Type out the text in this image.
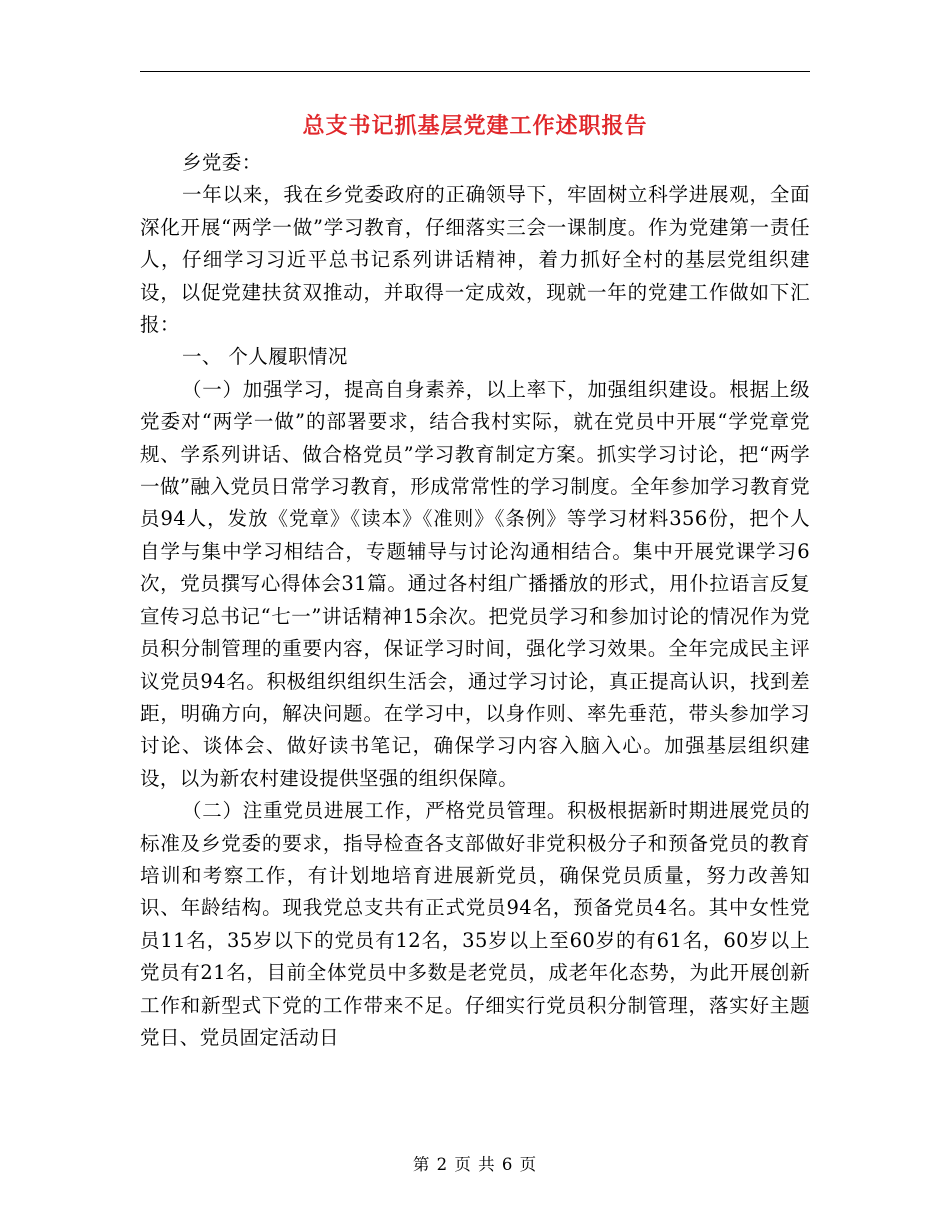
总支书记抓基层党建工作述职报告

乡党委：

一年以来，我在乡党委政府的正确领导下，牢固树立科学进展观，全面深化开展“两学一做”学习教育，仔细落实三会一课制度。作为党建第一责任人，仔细学习习近平总书记系列讲话精神，着力抓好全村的基层党组织建设，以促党建扶贫双推动，并取得一定成效，现就一年的党建工作做如下汇报：

一、 个人履职情况

（一）加强学习，提高自身素养，以上率下，加强组织建设。根据上级党委对“两学一做”的部署要求，结合我村实际，就在党员中开展“学党章党规、学系列讲话、做合格党员”学习教育制定方案。抓实学习讨论，把“两学一做”融入党员日常学习教育，形成常常性的学习制度。全年参加学习教育党员94人，发放《党章》《读本》《准则》《条例》等学习材料356份，把个人自学与集中学习相结合，专题辅导与讨论沟通相结合。集中开展党课学习6次，党员撰写心得体会31篇。通过各村组广播播放的形式，用仆拉语言反复宣传习总书记“七一”讲话精神15余次。把党员学习和参加讨论的情况作为党员积分制管理的重要内容，保证学习时间，强化学习效果。全年完成民主评议党员94名。积极组织组织生活会，通过学习讨论，真正提高认识，找到差距，明确方向，解决问题。在学习中，以身作则、率先垂范，带头参加学习讨论、谈体会、做好读书笔记，确保学习内容入脑入心。加强基层组织建设，以为新农村建设提供坚强的组织保障。

（二）注重党员进展工作，严格党员管理。积极根据新时期进展党员的标准及乡党委的要求，指导检查各支部做好非党积极分子和预备党员的教育培训和考察工作，有计划地培育进展新党员，确保党员质量，努力改善知识、年龄结构。现我党总支共有正式党员94名，预备党员4名。其中女性党员11名，35岁以下的党员有12名，35岁以上至60岁的有61名，60岁以上党员有21名，目前全体党员中多数是老党员，成老年化态势，为此开展创新工作和新型式下党的工作带来不足。仔细实行党员积分制管理，落实好主题党日、党员固定活动日

第 2 页 共 6 页
